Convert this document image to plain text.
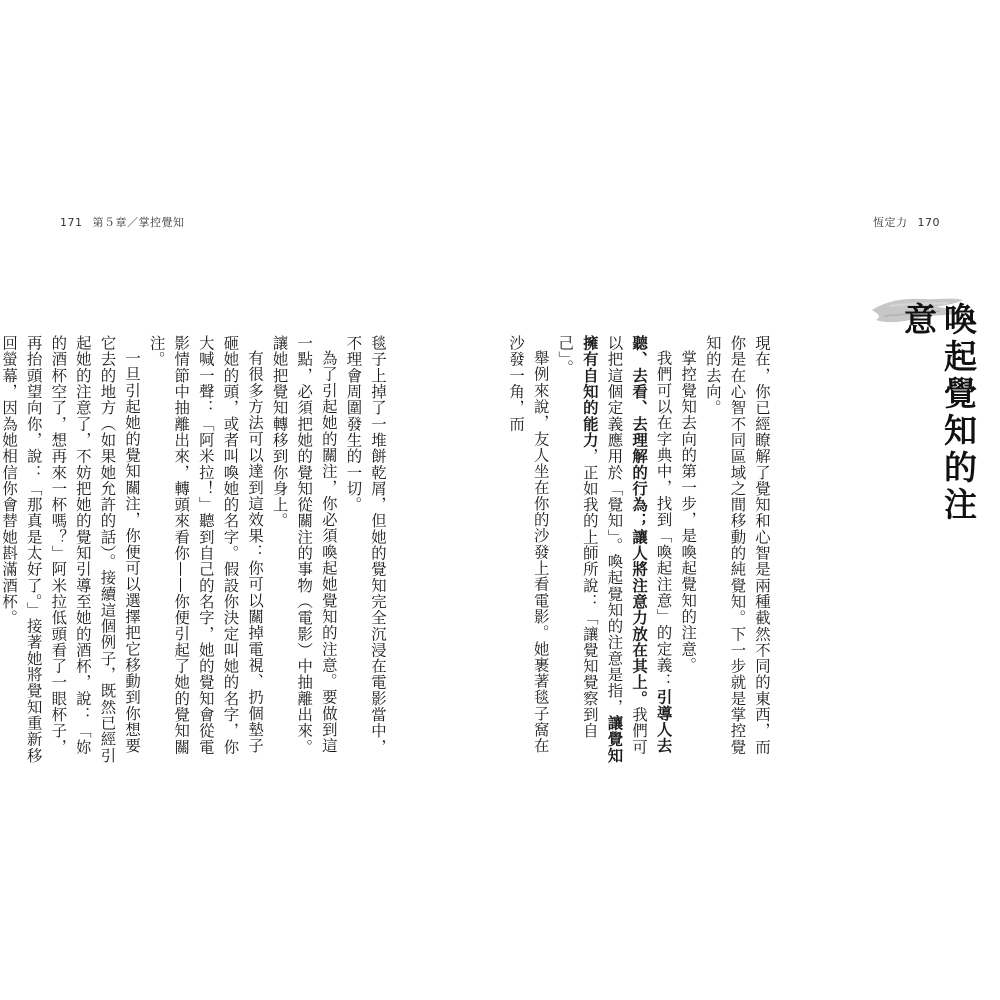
171 第５章／掌控覺知	恆定力 170
喚起覺知的注意

現在，你已經瞭解了覺知和心智是兩種截然不同的東西，而你是在心智不同區域之間移動的純覺知。下一步就是掌控覺知的去向。

掌控覺知去向的第一步，是喚起覺知的注意。

我們可以在字典中，找到「喚起注意」的定義：引導人去聽、去看、去理解的行為；讓人將注意力放在其上。我們可以把這個定義應用於「覺知」。喚起覺知的注意是指，讓覺知擁有自知的能力，正如我的上師所說：「讓覺知覺察到自己」。

舉例來說，友人坐在你的沙發上看電影。她裹著毯子窩在沙發一角，而

毯子上掉了一堆餅乾屑，但她的覺知完全沉浸在電影當中，不理會周圍發生的一切。

為了引起她的關注，你必須喚起她覺知的注意。要做到這一點，必須把她的覺知從關注的事物（電影）中抽離出來。讓她把覺知轉移到你身上。

有很多方法可以達到這效果：你可以關掉電視、扔個墊子砸她的頭，或者叫喚她的名字。假設你決定叫她的名字，你大喊一聲：「阿米拉！」聽到自己的名字，她的覺知會從電影情節中抽離出來，轉頭來看你——你便引起了她的覺知關注。

一旦引起她的覺知關注，你便可以選擇把它移動到你想要它去的地方（如果她允許的話）。接續這個例子，既然已經引起她的注意了，不妨把她的覺知引導至她的酒杯，說：「妳的酒杯空了，想再來一杯嗎？」阿米拉低頭看了一眼杯子，再抬頭望向你，說：「那真是太好了。」接著她將覺知重新移回螢幕，因為她相信你會替她斟滿酒杯。
